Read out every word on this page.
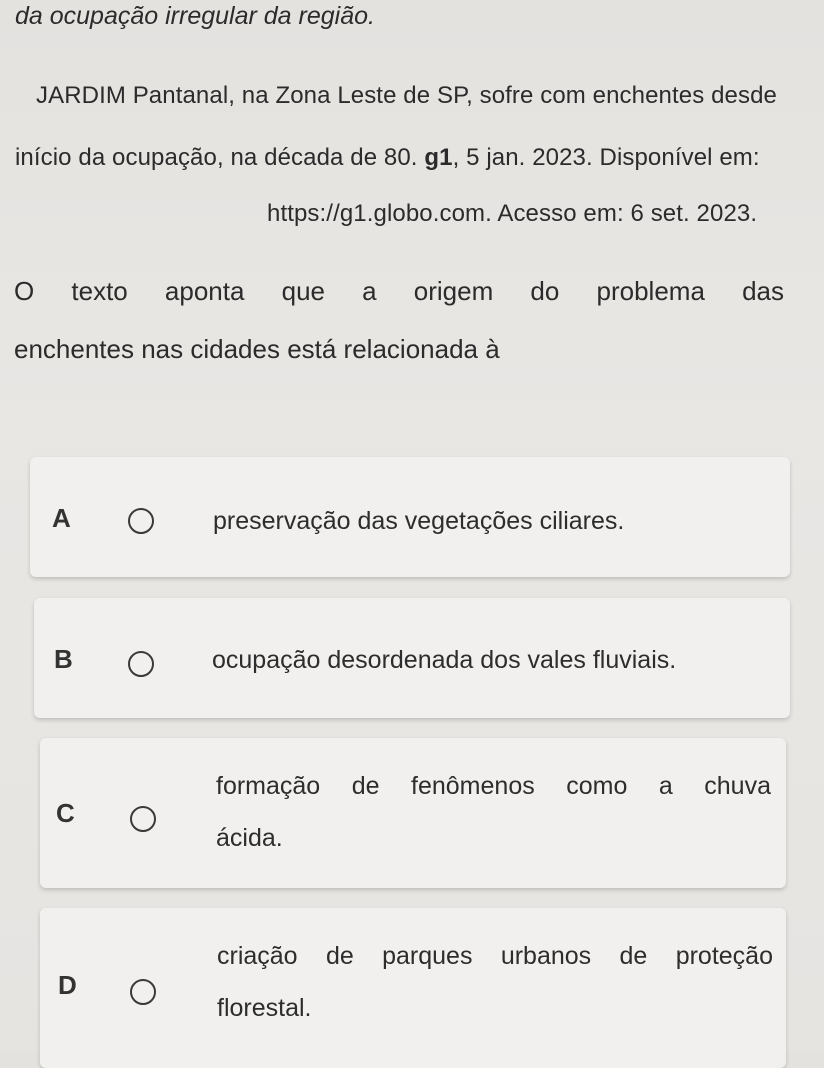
da ocupação irregular da região.

JARDIM Pantanal, na Zona Leste de SP, sofre com enchentes desde

início da ocupação, na década de 80. g1, 5 jan. 2023. Disponível em:

https://g1.globo.com. Acesso em: 6 set. 2023.

O texto aponta que a origem do problema das
enchentes nas cidades está relacionada à

A	preservação das vegetações ciliares.

B	ocupação desordenada dos vales fluviais.

C

formação de fenômenos como a chuva
ácida.

D

criação de parques urbanos de proteção
florestal.
